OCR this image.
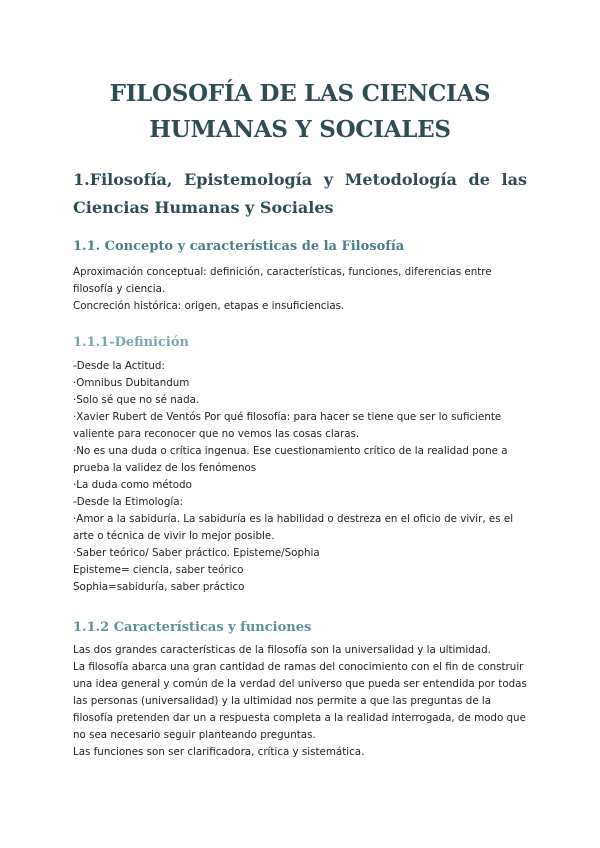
FILOSOFÍA DE LAS CIENCIAS
HUMANAS Y SOCIALES
1.Filosofía, Epistemología y Metodología de las Ciencias Humanas y Sociales
1.1. Concepto y características de la Filosofía

Aproximación conceptual: definición, características, funciones, diferencias entre filosofía y ciencia.

Concreción histórica: origen, etapas e insuficiencias.

1.1.1-Definición

-Desde la Actitud:

·Omnibus Dubitandum

·Solo sé que no sé nada.

·Xavier Rubert de Ventós Por qué filosofía: para hacer se tiene que ser lo suficiente valiente para reconocer que no vemos las cosas claras.

·No es una duda o crítica ingenua. Ese cuestionamiento crítico de la realidad pone a prueba la validez de los fenómenos

·La duda como método

-Desde la Etimología:

·Amor a la sabiduría. La sabiduría es la habilidad o destreza en el oficio de vivir, es el arte o técnica de vivir lo mejor posible.

·Saber teórico/ Saber práctico. Episteme/Sophia

Episteme= ciencia, saber teórico

Sophia=sabiduría, saber práctico

1.1.2 Características y funciones

Las dos grandes características de la filosofía son la universalidad y la ultimidad.

La filosofía abarca una gran cantidad de ramas del conocimiento con el fin de construir una idea general y común de la verdad del universo que pueda ser entendida por todas las personas (universalidad) y la ultimidad nos permite a que las preguntas de la filosofía pretenden dar un a respuesta completa a la realidad interrogada, de modo que no sea necesario seguir planteando preguntas.

Las funciones son ser clarificadora, crítica y sistemática.
